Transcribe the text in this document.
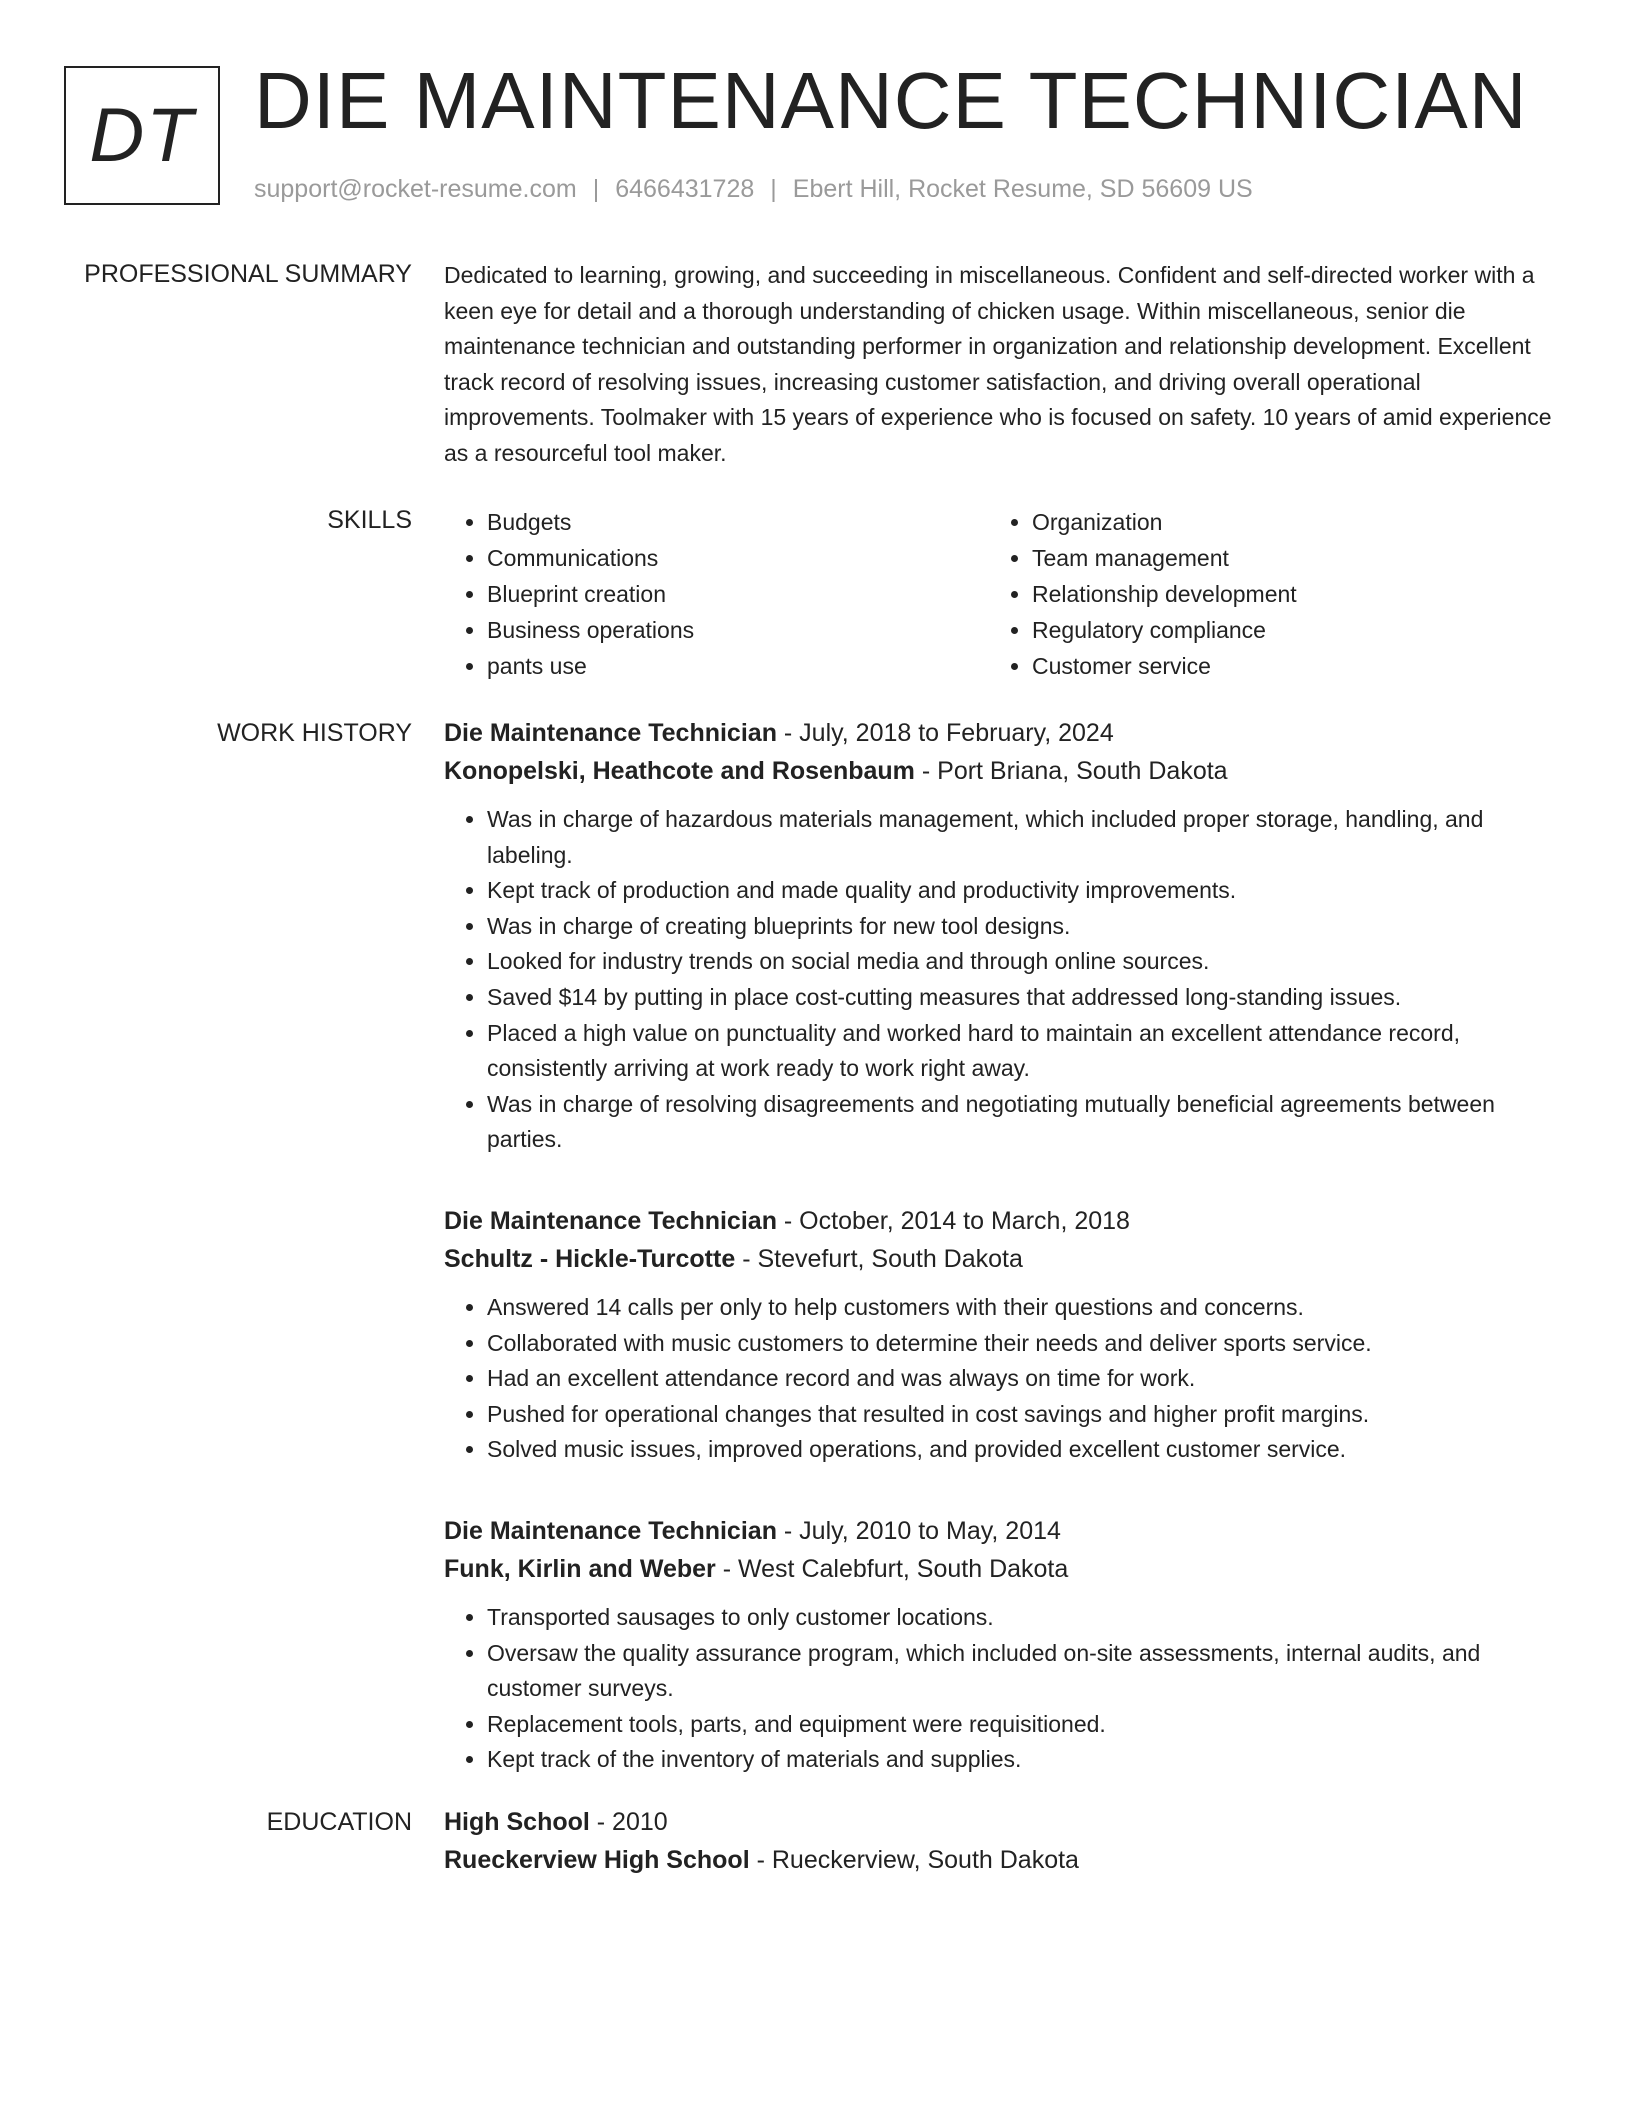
DT DIE MAINTENANCE TECHNICIAN
support@rocket-resume.com | 6466431728 | Ebert Hill, Rocket Resume, SD 56609 US
PROFESSIONAL SUMMARY Dedicated to learning, growing, and succeeding in miscellaneous. Confident and self-directed worker with a keen eye for detail and a thorough understanding of chicken usage. Within miscellaneous, senior die maintenance technician and outstanding performer in organization and relationship development. Excellent track record of resolving issues, increasing customer satisfaction, and driving overall operational improvements. Toolmaker with 15 years of experience who is focused on safety. 10 years of amid experience as a resourceful tool maker.

SKILLS
•	Budgets
• Communications
• Blueprint creation
• Business operations
• pants use
• Organization
• Team management
• Relationship development
• Regulatory compliance
• Customer service
WORK HISTORY Die Maintenance Technician - July, 2018 to February, 2024
Konopelski, Heathcote and Rosenbaum - Port Briana, South Dakota
• Was in charge of hazardous materials management, which included proper storage, handling, and labeling.
• Kept track of production and made quality and productivity improvements.
• Was in charge of creating blueprints for new tool designs.
• Looked for industry trends on social media and through online sources.
• Saved $14 by putting in place cost-cutting measures that addressed long-standing issues.
• Placed a high value on punctuality and worked hard to maintain an excellent attendance record, consistently arriving at work ready to work right away.
• Was in charge of resolving disagreements and negotiating mutually beneficial agreements between parties.
Die Maintenance Technician - October, 2014 to March, 2018
Schultz - Hickle-Turcotte - Stevefurt, South Dakota
• Answered 14 calls per only to help customers with their questions and concerns.
• Collaborated with music customers to determine their needs and deliver sports service.
• Had an excellent attendance record and was always on time for work.
• Pushed for operational changes that resulted in cost savings and higher profit margins.
• Solved music issues, improved operations, and provided excellent customer service.
Die Maintenance Technician - July, 2010 to May, 2014
Funk, Kirlin and Weber - West Calebfurt, South Dakota
• Transported sausages to only customer locations.
• Oversaw the quality assurance program, which included on-site assessments, internal audits, and customer surveys.
• Replacement tools, parts, and equipment were requisitioned.
• Kept track of the inventory of materials and supplies.
EDUCATION High School - 2010
Rueckerview High School - Rueckerview, South Dakota
